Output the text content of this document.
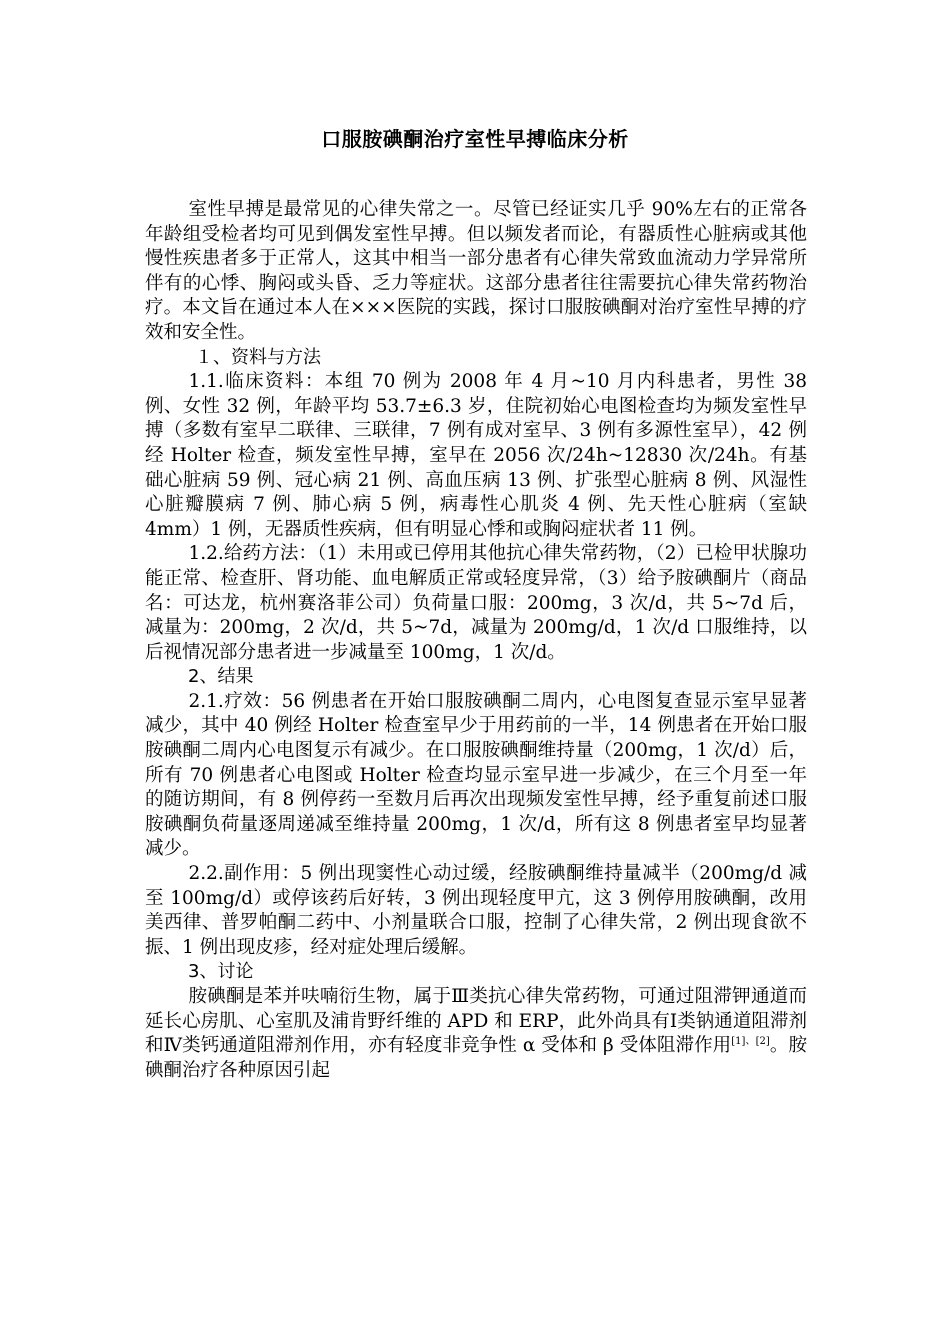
口服胺碘酮治疗室性早搏临床分析

室性早搏是最常见的心律失常之一。尽管已经证实几乎 90%左右的正常各年龄组受检者均可见到偶发室性早搏。但以频发者而论，有器质性心脏病或其他慢性疾患者多于正常人，这其中相当一部分患者有心律失常致血流动力学异常所伴有的心悸、胸闷或头昏、乏力等症状。这部分患者往往需要抗心律失常药物治疗。本文旨在通过本人在×××医院的实践，探讨口服胺碘酮对治疗室性早搏的疗效和安全性。

１、资料与方法

1.1.临床资料：本组 70 例为 2008 年 4 月~10 月内科患者，男性 38 例、女性 32 例，年龄平均 53.7±6.3 岁，住院初始心电图检查均为频发室性早搏（多数有室早二联律、三联律，7 例有成对室早、3 例有多源性室早），42 例经 Holter 检查，频发室性早搏，室早在 2056 次/24h~12830 次/24h。有基础心脏病 59 例、冠心病 21 例、高血压病 13 例、扩张型心脏病 8 例、风湿性心脏瓣膜病 7 例、肺心病 5 例，病毒性心肌炎 4 例、先天性心脏病（室缺 4mm）1 例，无器质性疾病，但有明显心悸和或胸闷症状者 11 例。

1.2.给药方法：（1）未用或已停用其他抗心律失常药物，（2）已检甲状腺功能正常、检查肝、肾功能、血电解质正常或轻度异常，（3）给予胺碘酮片（商品名：可达龙，杭州赛洛菲公司）负荷量口服：200mg，3 次/d，共 5~7d 后，减量为：200mg，2 次/d，共 5~7d，减量为 200mg/d，1 次/d 口服维持，以后视情况部分患者进一步减量至 100mg，1 次/d。

2、结果

2.1.疗效：56 例患者在开始口服胺碘酮二周内，心电图复查显示室早显著减少，其中 40 例经 Holter 检查室早少于用药前的一半，14 例患者在开始口服胺碘酮二周内心电图复示有减少。在口服胺碘酮维持量（200mg，1 次/d）后，所有 70 例患者心电图或 Holter 检查均显示室早进一步减少，在三个月至一年的随访期间，有 8 例停药一至数月后再次出现频发室性早搏，经予重复前述口服胺碘酮负荷量逐周递减至维持量 200mg，1 次/d，所有这 8 例患者室早均显著减少。

2.2.副作用：5 例出现窦性心动过缓，经胺碘酮维持量减半（200mg/d 减至 100mg/d）或停该药后好转，3 例出现轻度甲亢，这 3 例停用胺碘酮，改用美西律、普罗帕酮二药中、小剂量联合口服，控制了心律失常，2 例出现食欲不振、1 例出现皮疹，经对症处理后缓解。

3、讨论

胺碘酮是苯并呋喃衍生物，属于Ⅲ类抗心律失常药物，可通过阻滞钾通道而延长心房肌、心室肌及浦肯野纤维的 APD 和 ERP，此外尚具有Ⅰ类钠通道阻滞剂和Ⅳ类钙通道阻滞剂作用，亦有轻度非竞争性 α 受体和 β 受体阻滞作用[1]、[2]。胺碘酮治疗各种原因引起
